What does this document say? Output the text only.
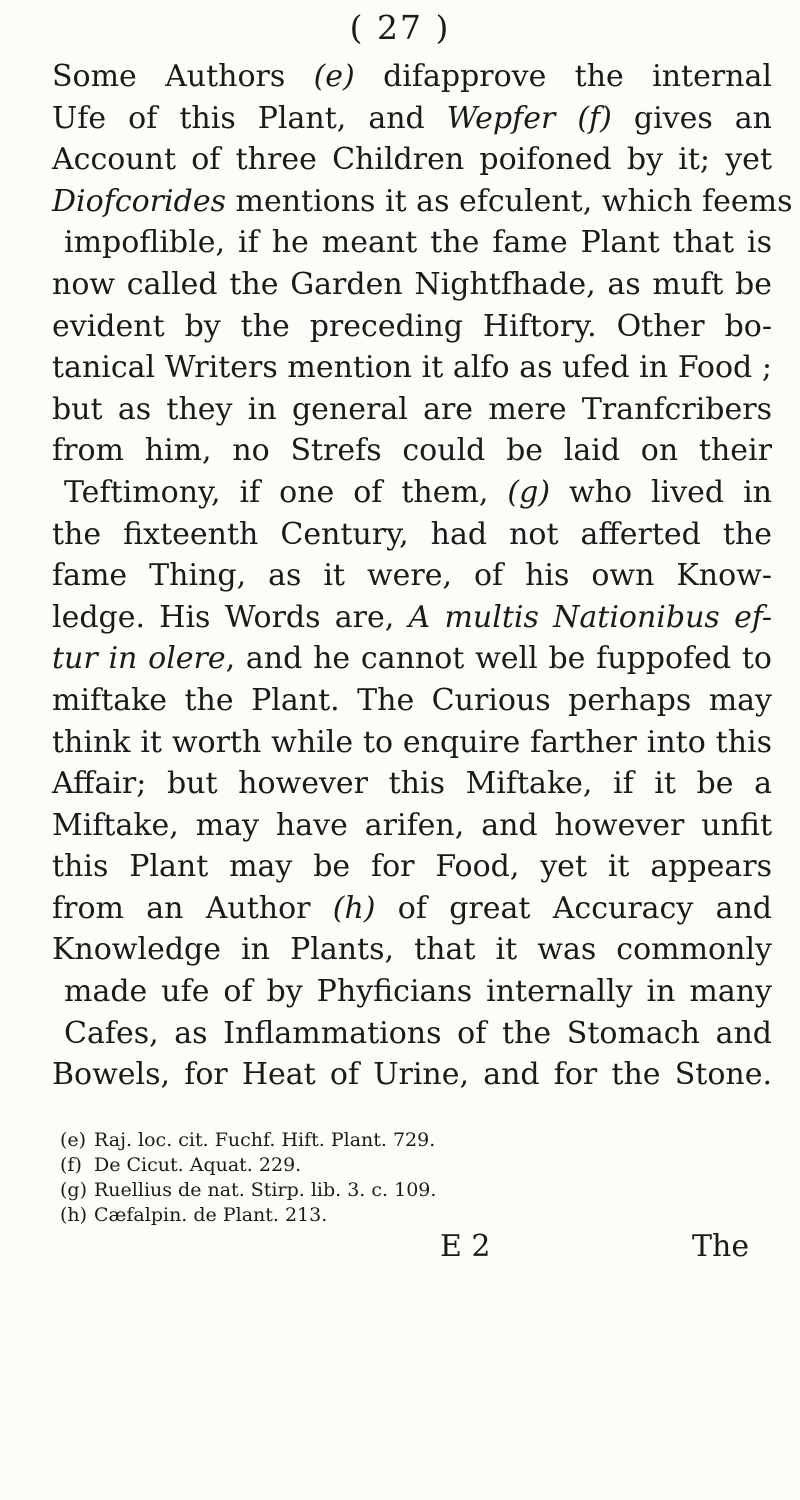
( 27 )
Some Authors (e) difapprove the internal
Ufe of this Plant, and Wepfer (f) gives an
Account of three Children poifoned by it; yet
Diofcorides mentions it as efculent, which feems
impoflible, if he meant the fame Plant that is
now called the Garden Nightfhade, as muft be
evident by the preceding Hiftory. Other bo-
tanical Writers mention it alfo as ufed in Food ;
but as they in general are mere Tranfcribers
from him, no Strefs could be laid on their
Teftimony, if one of them, (g) who lived in
the fixteenth Century, had not afferted the
fame Thing, as it were, of his own Know-
ledge. His Words are, A multis Nationibus ef-
tur in olere, and he cannot well be fuppofed to
miftake the Plant. The Curious perhaps may
think it worth while to enquire farther into this
Affair; but however this Miftake, if it be a
Miftake, may have arifen, and however unfit
this Plant may be for Food, yet it appears
from an Author (h) of great Accuracy and
Knowledge in Plants, that it was commonly
made ufe of by Phyficians internally in many
Cafes, as Inflammations of the Stomach and
Bowels, for Heat of Urine, and for the Stone.
(e) Raj. loc. cit. Fuchf. Hift. Plant. 729.
(f) De Cicut. Aquat. 229.
(g) Ruellius de nat. Stirp. lib. 3. c. 109.
(h) Cæfalpin. de Plant. 213.
E 2	The
